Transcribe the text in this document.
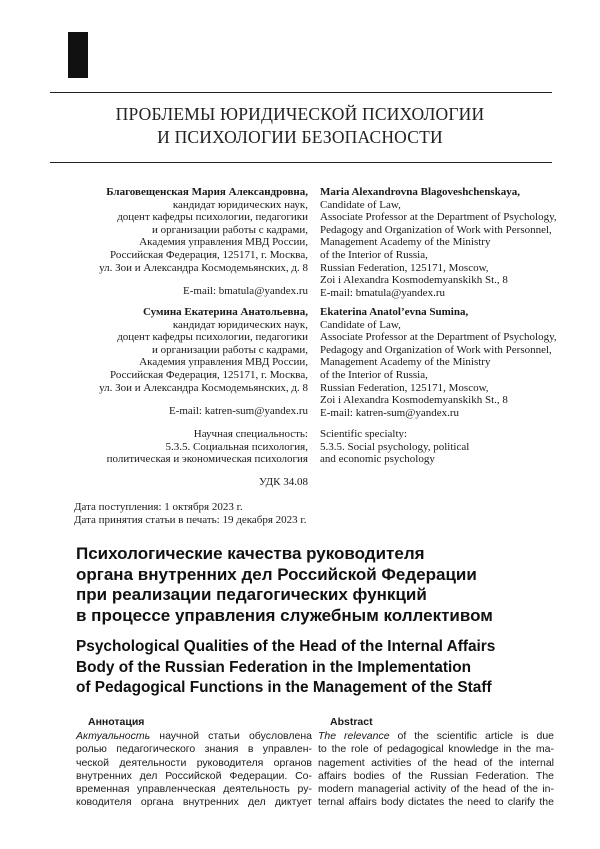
ПРОБЛЕМЫ ЮРИДИЧЕСКОЙ ПСИХОЛОГИИ
И ПСИХОЛОГИИ БЕЗОПАСНОСТИ
Благовещенская Мария Александровна,
кандидат юридических наук,
доцент кафедры психологии, педагогики
и организации работы с кадрами,
Академия управления МВД России,
Российская Федерация, 125171, г. Москва,
ул. Зои и Александра Космодемьянских, д. 8
E-mail: bmatula@yandex.ru
Maria Alexandrovna Blagoveshchenskaya,
Candidate of Law,
Associate Professor at the Department of Psychology,
Pedagogy and Organization of Work with Personnel,
Management Academy of the Ministry
of the Interior of Russia,
Russian Federation, 125171, Moscow,
Zoi i Alexandra Kosmodemyanskikh St., 8
E-mail: bmatula@yandex.ru
Сумина Екатерина Анатольевна,
кандидат юридических наук,
доцент кафедры психологии, педагогики
и организации работы с кадрами,
Академия управления МВД России,
Российская Федерация, 125171, г. Москва,
ул. Зои и Александра Космодемьянских, д. 8
E-mail: katren-sum@yandex.ru
Ekaterina Anatol’evna Sumina,
Candidate of Law,
Associate Professor at the Department of Psychology,
Pedagogy and Organization of Work with Personnel,
Management Academy of the Ministry
of the Interior of Russia,
Russian Federation, 125171, Moscow,
Zoi i Alexandra Kosmodemyanskikh St., 8
E-mail: katren-sum@yandex.ru
Научная специальность:
5.3.5. Социальная психология,
политическая и экономическая психология
Scientific specialty:
5.3.5. Social psychology, political
and economic psychology
УДК 34.08
Дата поступления: 1 октября 2023 г.
Дата принятия статьи в печать: 19 декабря 2023 г.
Психологические качества руководителя
органа внутренних дел Российской Федерации
при реализации педагогических функций
в процессе управления служебным коллективом
Psychological Qualities of the Head of the Internal Affairs
Body of the Russian Federation in the Implementation
of Pedagogical Functions in the Management of the Staff
Аннотация
Актуальность научной статьи обусловлена
ролью педагогического знания в управлен-
ческой деятельности руководителя органов
внутренних дел Российской Федерации. Со-
временная управленческая деятельность ру-
ководителя органа внутренних дел диктует
Abstract
The relevance of the scientific article is due
to the role of pedagogical knowledge in the ma-
nagement activities of the head of the internal
affairs bodies of the Russian Federation. The
modern managerial activity of the head of the in-
ternal affairs body dictates the need to clarify the
